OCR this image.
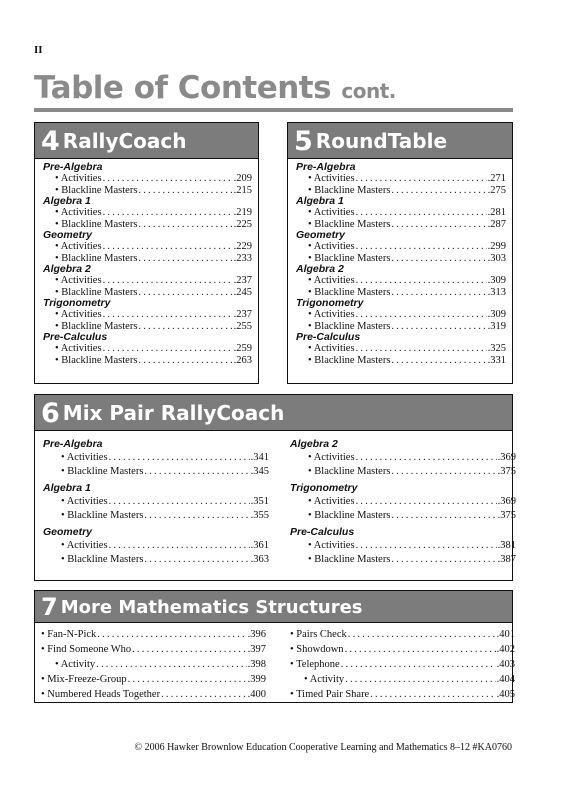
II
Table of Contents cont.
4 RallyCoach
Pre-Algebra
• Activities .....	.209
• Blackline Masters .....	.215
Algebra 1
• Activities .....	.219
• Blackline Masters .....	.225
Geometry
• Activities .....	.229
• Blackline Masters .....	.233
Algebra 2
• Activities .....	.237
• Blackline Masters .....	.245
Trigonometry
• Activities .....	.237
• Blackline Masters .....	.255
Pre-Calculus
• Activities .....	.259
• Blackline Masters .....	.263
5 RoundTable
Pre-Algebra
• Activities .....	.271
• Blackline Masters .....	.275
Algebra 1
• Activities .....	.281
• Blackline Masters .....	.287
Geometry
• Activities .....	.299
• Blackline Masters .....	.303
Algebra 2
• Activities .....	.309
• Blackline Masters .....	.313
Trigonometry
• Activities .....	.309
• Blackline Masters .....	.319
Pre-Calculus
• Activities .....	.325
• Blackline Masters .....	.331
6 Mix Pair RallyCoach
Pre-Algebra
• Activities .....	.341
• Blackline Masters .....	.345
Algebra 1
• Activities .....	.351
• Blackline Masters .....	.355
Geometry
• Activities .....	.361
• Blackline Masters .....	.363
Algebra 2
• Activities .....	.369
• Blackline Masters .....	.375
Trigonometry
• Activities .....	.369
• Blackline Masters .....	.375
Pre-Calculus
• Activities .....	.381
• Blackline Masters .....	.387
7 More Mathematics Structures
• Fan-N-Pick .....	.396
• Find Someone Who .....	.397
• Activity .....	.398
• Mix-Freeze-Group .....	.399
• Numbered Heads Together .....	.400
• Pairs Check .....	.401
• Showdown .....	.402
• Telephone .....	.403
• Activity .....	.404
• Timed Pair Share .....	.405
© 2006 Hawker Brownlow Education Cooperative Learning and Mathematics 8–12 #KA0760
